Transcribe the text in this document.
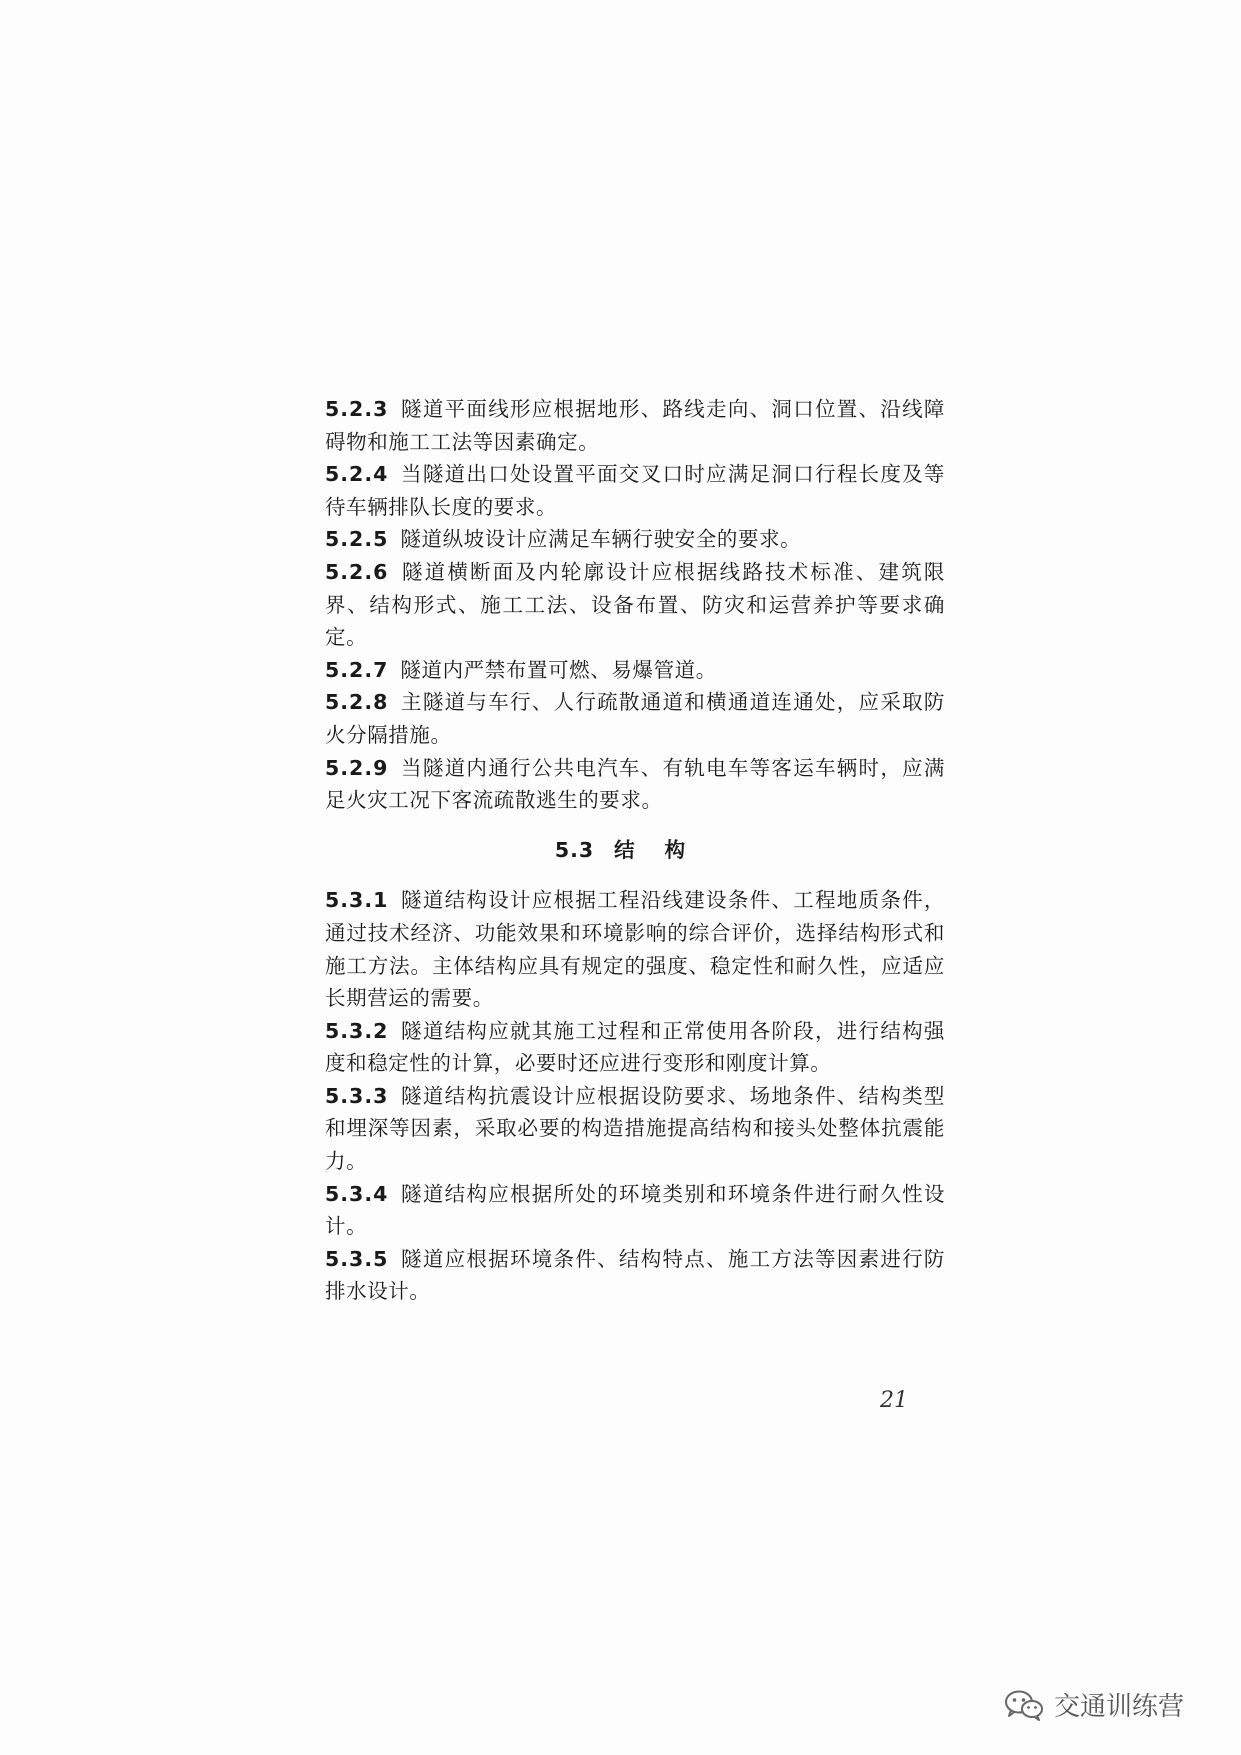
5.2.3 隧道平面线形应根据地形、路线走向、洞口位置、沿线障碍物和施工工法等因素确定。

5.2.4 当隧道出口处设置平面交叉口时应满足洞口行程长度及等待车辆排队长度的要求。

5.2.5 隧道纵坡设计应满足车辆行驶安全的要求。

5.2.6 隧道横断面及内轮廓设计应根据线路技术标准、建筑限界、结构形式、施工工法、设备布置、防灾和运营养护等要求确定。

5.2.7 隧道内严禁布置可燃、易爆管道。

5.2.8 主隧道与车行、人行疏散通道和横通道连通处，应采取防火分隔措施。

5.2.9 当隧道内通行公共电汽车、有轨电车等客运车辆时，应满足火灾工况下客流疏散逃生的要求。

5.3 结构

5.3.1 隧道结构设计应根据工程沿线建设条件、工程地质条件，通过技术经济、功能效果和环境影响的综合评价，选择结构形式和施工方法。主体结构应具有规定的强度、稳定性和耐久性，应适应长期营运的需要。

5.3.2 隧道结构应就其施工过程和正常使用各阶段，进行结构强度和稳定性的计算，必要时还应进行变形和刚度计算。

5.3.3 隧道结构抗震设计应根据设防要求、场地条件、结构类型和埋深等因素，采取必要的构造措施提高结构和接头处整体抗震能力。

5.3.4 隧道结构应根据所处的环境类别和环境条件进行耐久性设计。

5.3.5 隧道应根据环境条件、结构特点、施工方法等因素进行防排水设计。

21
交通训练营
